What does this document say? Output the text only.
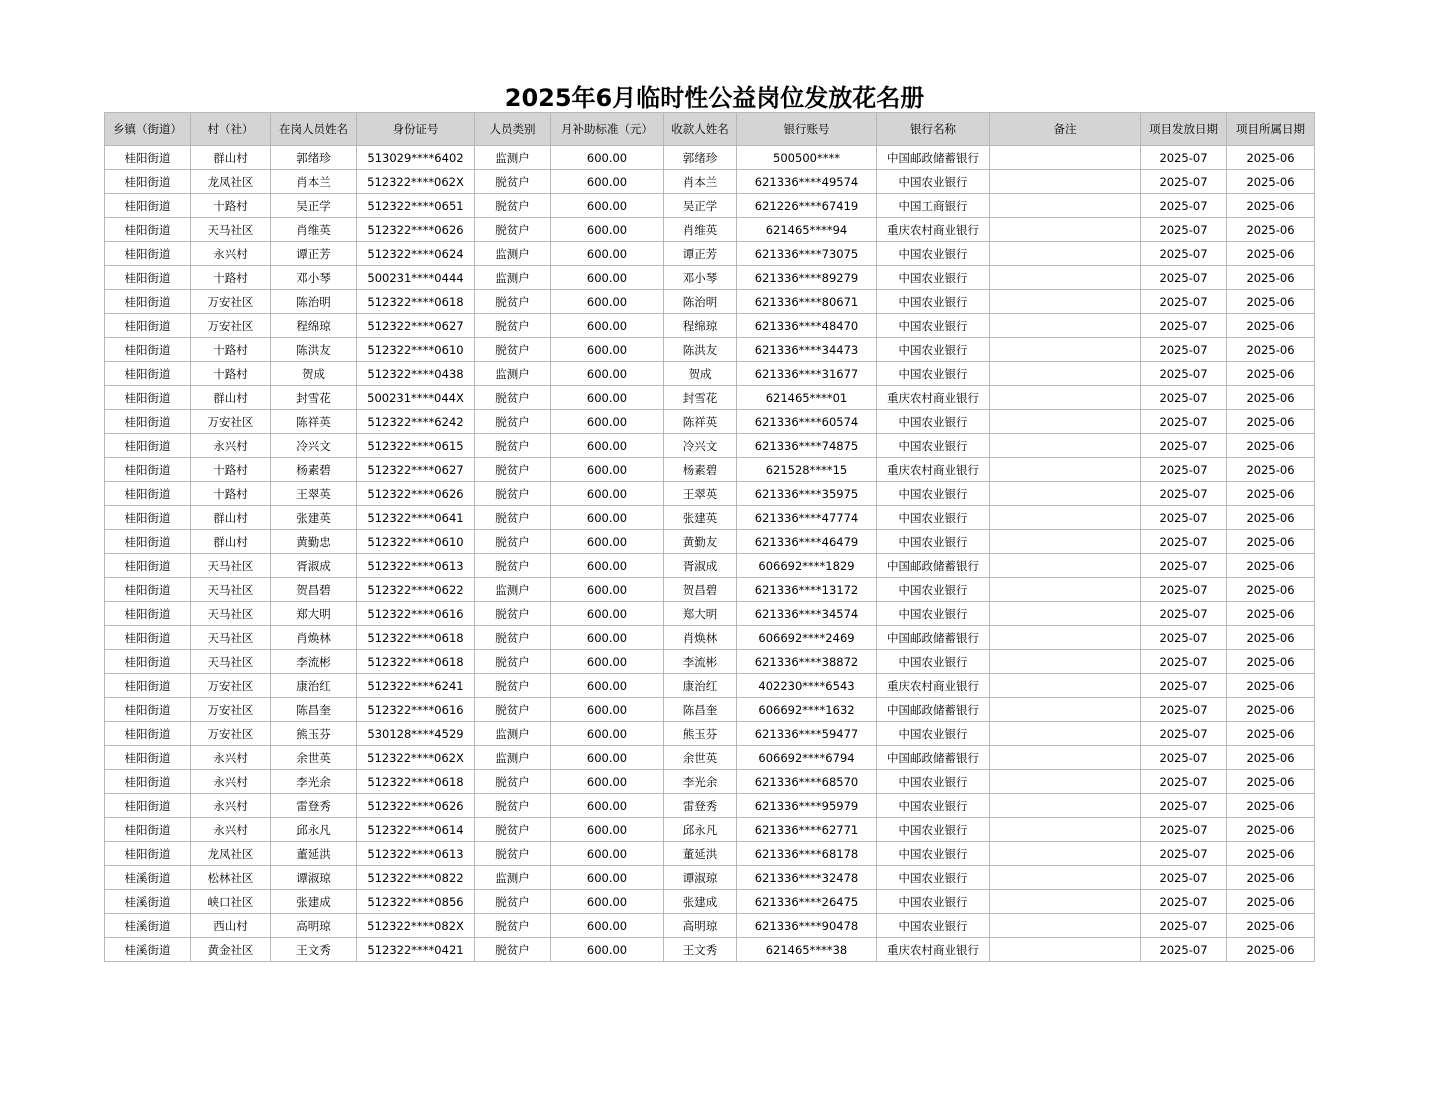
2025年6月临时性公益岗位发放花名册
乡镇（街道）	村（社）	在岗人员姓名	身份证号	人员类别	月补助标准（元）	收款人姓名	银行账号	银行名称	备注	项目发放日期	项目所属日期
桂阳街道	群山村	郭绪珍	513029****6402	监测户	600.00	郭绪珍	500500****	中国邮政储蓄银行		2025-07	2025-06
桂阳街道	龙凤社区	肖本兰	512322****062X	脱贫户	600.00	肖本兰	621336****49574	中国农业银行		2025-07	2025-06
桂阳街道	十路村	吴正学	512322****0651	脱贫户	600.00	吴正学	621226****67419	中国工商银行		2025-07	2025-06
桂阳街道	天马社区	肖维英	512322****0626	脱贫户	600.00	肖维英	621465****94	重庆农村商业银行		2025-07	2025-06
桂阳街道	永兴村	谭正芳	512322****0624	监测户	600.00	谭正芳	621336****73075	中国农业银行		2025-07	2025-06
桂阳街道	十路村	邓小琴	500231****0444	监测户	600.00	邓小琴	621336****89279	中国农业银行		2025-07	2025-06
桂阳街道	万安社区	陈治明	512322****0618	脱贫户	600.00	陈治明	621336****80671	中国农业银行		2025-07	2025-06
桂阳街道	万安社区	程绵琼	512322****0627	脱贫户	600.00	程绵琼	621336****48470	中国农业银行		2025-07	2025-06
桂阳街道	十路村	陈洪友	512322****0610	脱贫户	600.00	陈洪友	621336****34473	中国农业银行		2025-07	2025-06
桂阳街道	十路村	贺成	512322****0438	监测户	600.00	贺成	621336****31677	中国农业银行		2025-07	2025-06
桂阳街道	群山村	封雪花	500231****044X	脱贫户	600.00	封雪花	621465****01	重庆农村商业银行		2025-07	2025-06
桂阳街道	万安社区	陈祥英	512322****6242	脱贫户	600.00	陈祥英	621336****60574	中国农业银行		2025-07	2025-06
桂阳街道	永兴村	冷兴文	512322****0615	脱贫户	600.00	冷兴文	621336****74875	中国农业银行		2025-07	2025-06
桂阳街道	十路村	杨素碧	512322****0627	脱贫户	600.00	杨素碧	621528****15	重庆农村商业银行		2025-07	2025-06
桂阳街道	十路村	王翠英	512322****0626	脱贫户	600.00	王翠英	621336****35975	中国农业银行		2025-07	2025-06
桂阳街道	群山村	张建英	512322****0641	脱贫户	600.00	张建英	621336****47774	中国农业银行		2025-07	2025-06
桂阳街道	群山村	黄勤忠	512322****0610	脱贫户	600.00	黄勤友	621336****46479	中国农业银行		2025-07	2025-06
桂阳街道	天马社区	胥淑成	512322****0613	脱贫户	600.00	胥淑成	606692****1829	中国邮政储蓄银行		2025-07	2025-06
桂阳街道	天马社区	贺昌碧	512322****0622	监测户	600.00	贺昌碧	621336****13172	中国农业银行		2025-07	2025-06
桂阳街道	天马社区	郑大明	512322****0616	脱贫户	600.00	郑大明	621336****34574	中国农业银行		2025-07	2025-06
桂阳街道	天马社区	肖焕林	512322****0618	脱贫户	600.00	肖焕林	606692****2469	中国邮政储蓄银行		2025-07	2025-06
桂阳街道	天马社区	李流彬	512322****0618	脱贫户	600.00	李流彬	621336****38872	中国农业银行		2025-07	2025-06
桂阳街道	万安社区	康治红	512322****6241	脱贫户	600.00	康治红	402230****6543	重庆农村商业银行		2025-07	2025-06
桂阳街道	万安社区	陈昌奎	512322****0616	脱贫户	600.00	陈昌奎	606692****1632	中国邮政储蓄银行		2025-07	2025-06
桂阳街道	万安社区	熊玉芬	530128****4529	监测户	600.00	熊玉芬	621336****59477	中国农业银行		2025-07	2025-06
桂阳街道	永兴村	余世英	512322****062X	监测户	600.00	余世英	606692****6794	中国邮政储蓄银行		2025-07	2025-06
桂阳街道	永兴村	李光余	512322****0618	脱贫户	600.00	李光余	621336****68570	中国农业银行		2025-07	2025-06
桂阳街道	永兴村	雷登秀	512322****0626	脱贫户	600.00	雷登秀	621336****95979	中国农业银行		2025-07	2025-06
桂阳街道	永兴村	邱永凡	512322****0614	脱贫户	600.00	邱永凡	621336****62771	中国农业银行		2025-07	2025-06
桂阳街道	龙凤社区	董延洪	512322****0613	脱贫户	600.00	董延洪	621336****68178	中国农业银行		2025-07	2025-06
桂溪街道	松林社区	谭淑琼	512322****0822	监测户	600.00	谭淑琼	621336****32478	中国农业银行		2025-07	2025-06
桂溪街道	峡口社区	张建成	512322****0856	脱贫户	600.00	张建成	621336****26475	中国农业银行		2025-07	2025-06
桂溪街道	西山村	高明琼	512322****082X	脱贫户	600.00	高明琼	621336****90478	中国农业银行		2025-07	2025-06
桂溪街道	黄金社区	王文秀	512322****0421	脱贫户	600.00	王文秀	621465****38	重庆农村商业银行		2025-07	2025-06
